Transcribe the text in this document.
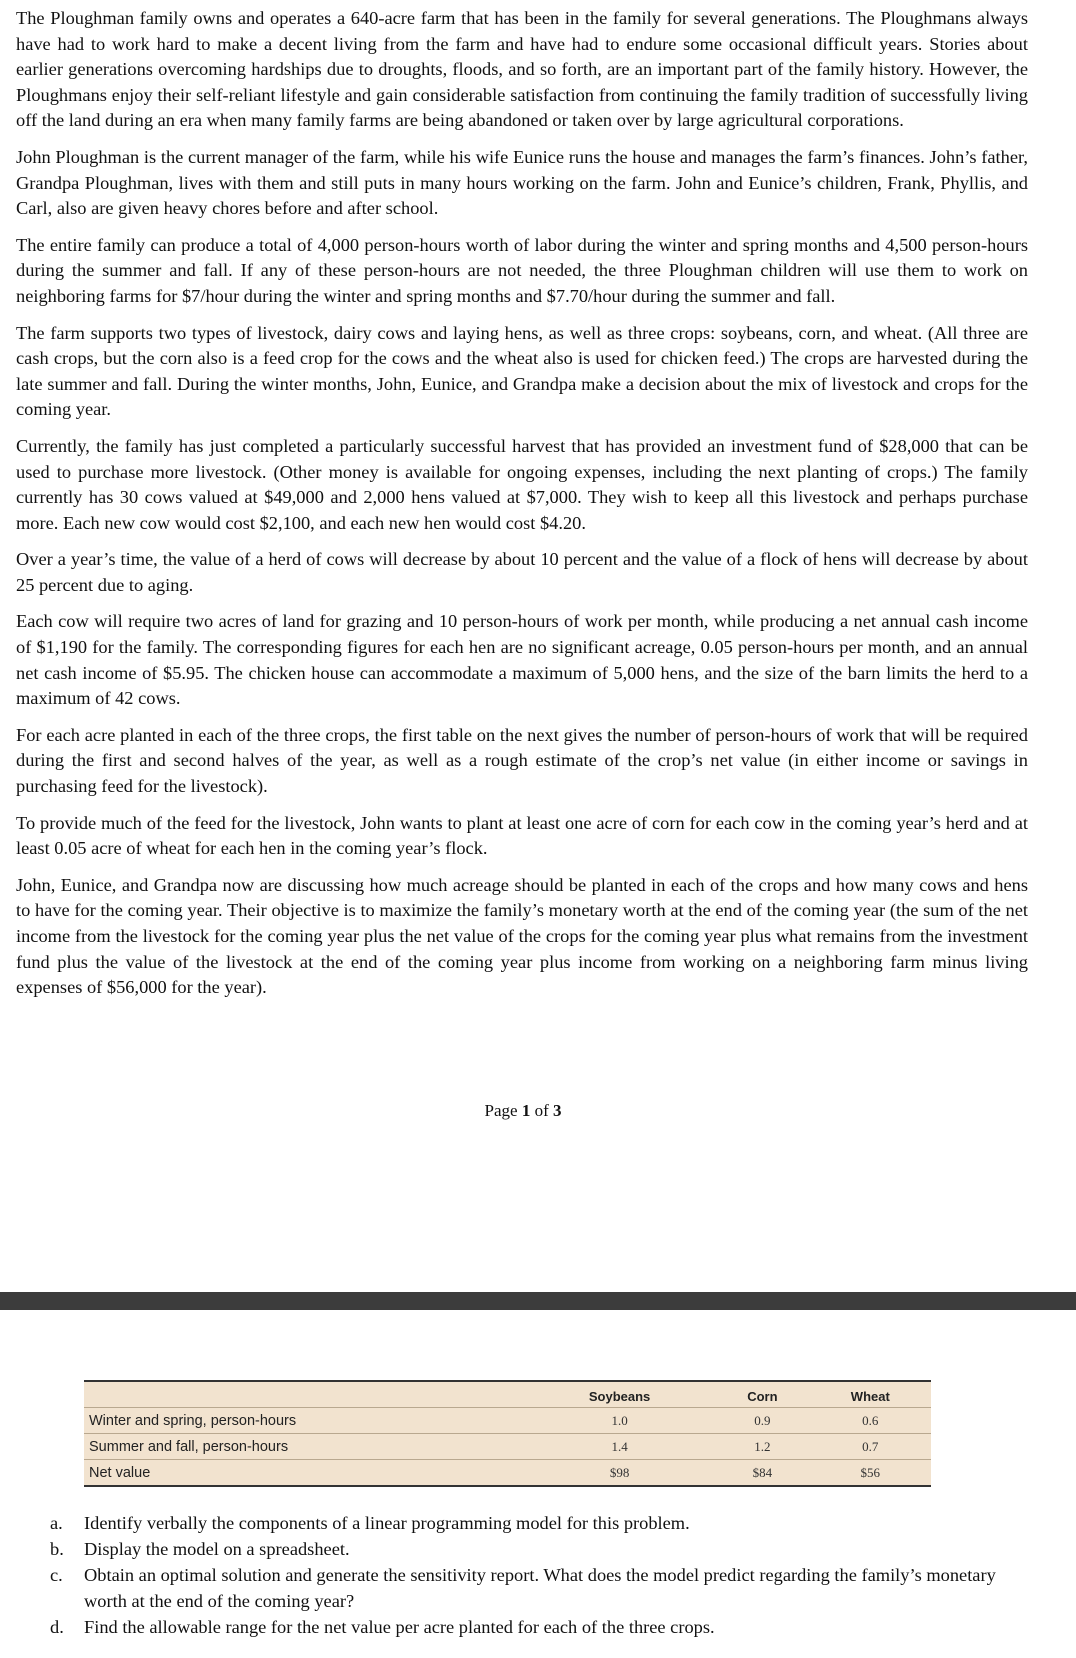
The Ploughman family owns and operates a 640-acre farm that has been in the family for several generations. The Ploughmans always have had to work hard to make a decent living from the farm and have had to endure some occasional difficult years. Stories about earlier generations overcoming hardships due to droughts, floods, and so forth, are an important part of the family history. However, the Ploughmans enjoy their self-reliant lifestyle and gain considerable satisfaction from continuing the family tradition of successfully living off the land during an era when many family farms are being abandoned or taken over by large agricultural corporations.

John Ploughman is the current manager of the farm, while his wife Eunice runs the house and manages the farm’s finances. John’s father, Grandpa Ploughman, lives with them and still puts in many hours working on the farm. John and Eunice’s children, Frank, Phyllis, and Carl, also are given heavy chores before and after school.

The entire family can produce a total of 4,000 person-hours worth of labor during the winter and spring months and 4,500 person-hours during the summer and fall. If any of these person-hours are not needed, the three Ploughman children will use them to work on neighboring farms for $7/hour during the winter and spring months and $7.70/hour during the summer and fall.

The farm supports two types of livestock, dairy cows and laying hens, as well as three crops: soybeans, corn, and wheat. (All three are cash crops, but the corn also is a feed crop for the cows and the wheat also is used for chicken feed.) The crops are harvested during the late summer and fall. During the winter months, John, Eunice, and Grandpa make a decision about the mix of livestock and crops for the coming year.

Currently, the family has just completed a particularly successful harvest that has provided an investment fund of $28,000 that can be used to purchase more livestock. (Other money is available for ongoing expenses, including the next planting of crops.) The family currently has 30 cows valued at $49,000 and 2,000 hens valued at $7,000. They wish to keep all this livestock and perhaps purchase more. Each new cow would cost $2,100, and each new hen would cost $4.20.

Over a year’s time, the value of a herd of cows will decrease by about 10 percent and the value of a flock of hens will decrease by about 25 percent due to aging.

Each cow will require two acres of land for grazing and 10 person-hours of work per month, while producing a net annual cash income of $1,190 for the family. The corresponding figures for each hen are no significant acreage, 0.05 person-hours per month, and an annual net cash income of $5.95. The chicken house can accommodate a maximum of 5,000 hens, and the size of the barn limits the herd to a maximum of 42 cows.

For each acre planted in each of the three crops, the first table on the next gives the number of person-hours of work that will be required during the first and second halves of the year, as well as a rough estimate of the crop’s net value (in either income or savings in purchasing feed for the livestock).

To provide much of the feed for the livestock, John wants to plant at least one acre of corn for each cow in the coming year’s herd and at least 0.05 acre of wheat for each hen in the coming year’s flock.

John, Eunice, and Grandpa now are discussing how much acreage should be planted in each of the crops and how many cows and hens to have for the coming year. Their objective is to maximize the family’s monetary worth at the end of the coming year (the sum of the net income from the livestock for the coming year plus the net value of the crops for the coming year plus what remains from the investment fund plus the value of the livestock at the end of the coming year plus income from working on a neighboring farm minus living expenses of $56,000 for the year).

Page 1 of 3
	Soybeans	Corn	Wheat
Winter and spring, person-hours	1.0	0.9	0.6
Summer and fall, person-hours	1.4	1.2	0.7
Net value	$98	$84	$56
a.	Identify verbally the components of a linear programming model for this problem.
b.	Display the model on a spreadsheet.
c.	Obtain an optimal solution and generate the sensitivity report. What does the model predict regarding the family’s monetary worth at the end of the coming year?
d.	Find the allowable range for the net value per acre planted for each of the three crops.
